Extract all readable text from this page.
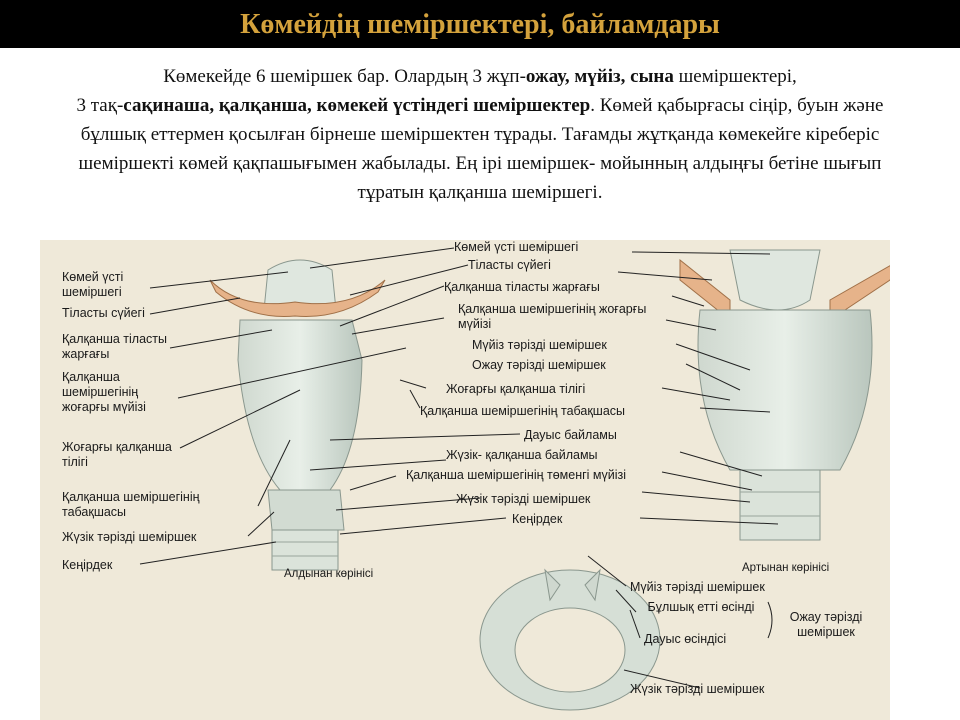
Көмейдің шеміршектері, байламдары

Көмекейде 6 шеміршек бар. Олардың 3 жұп-ожау, мүйіз, сына шеміршектері,
3 тақ-сақинаша, қалқанша, көмекей үстіндегі шеміршектер. Көмей қабырғасы сіңір, буын және бұлшық еттермен қосылған бірнеше шеміршектен тұрады. Тағамды жұтқанда көмекейге кіреберіс шеміршекті көмей қақпашығымен жабылады. Ең ірі шеміршек- мойынның алдыңғы бетіне шығып тұратын қалқанша шеміршегі.

Көмей үсті шеміршегі
Тіласты сүйегі
Қалқанша тіласты жарғағы
Қалқанша шеміршегінің жоғарғы мүйізі
Жоғарғы қалқанша тілігі
Қалқанша шеміршегінің табақшасы
Жүзік тәрізді шеміршек
Кеңірдек
Көмей үсті шеміршегі
Тіласты сүйегі
Қалқанша тіласты жарғағы
Қалқанша шеміршегінің жоғарғы мүйізі
Мүйіз тәрізді шеміршек
Ожау тәрізді шеміршек
Жоғарғы қалқанша тілігі
Қалқанша шеміршегінің табақшасы
Дауыс байламы
Жүзік- қалқанша байламы
Қалқанша шеміршегінің төменгі мүйізі
Жүзік тәрізді шеміршек
Кеңірдек
Алдынан көрінісі	Артынан көрінісі
Мүйіз тәрізді шеміршек
Бұлшық етті өсінді
Дауыс өсіндісі
Ожау тәрізді шеміршек
Жүзік тәрізді шеміршек
